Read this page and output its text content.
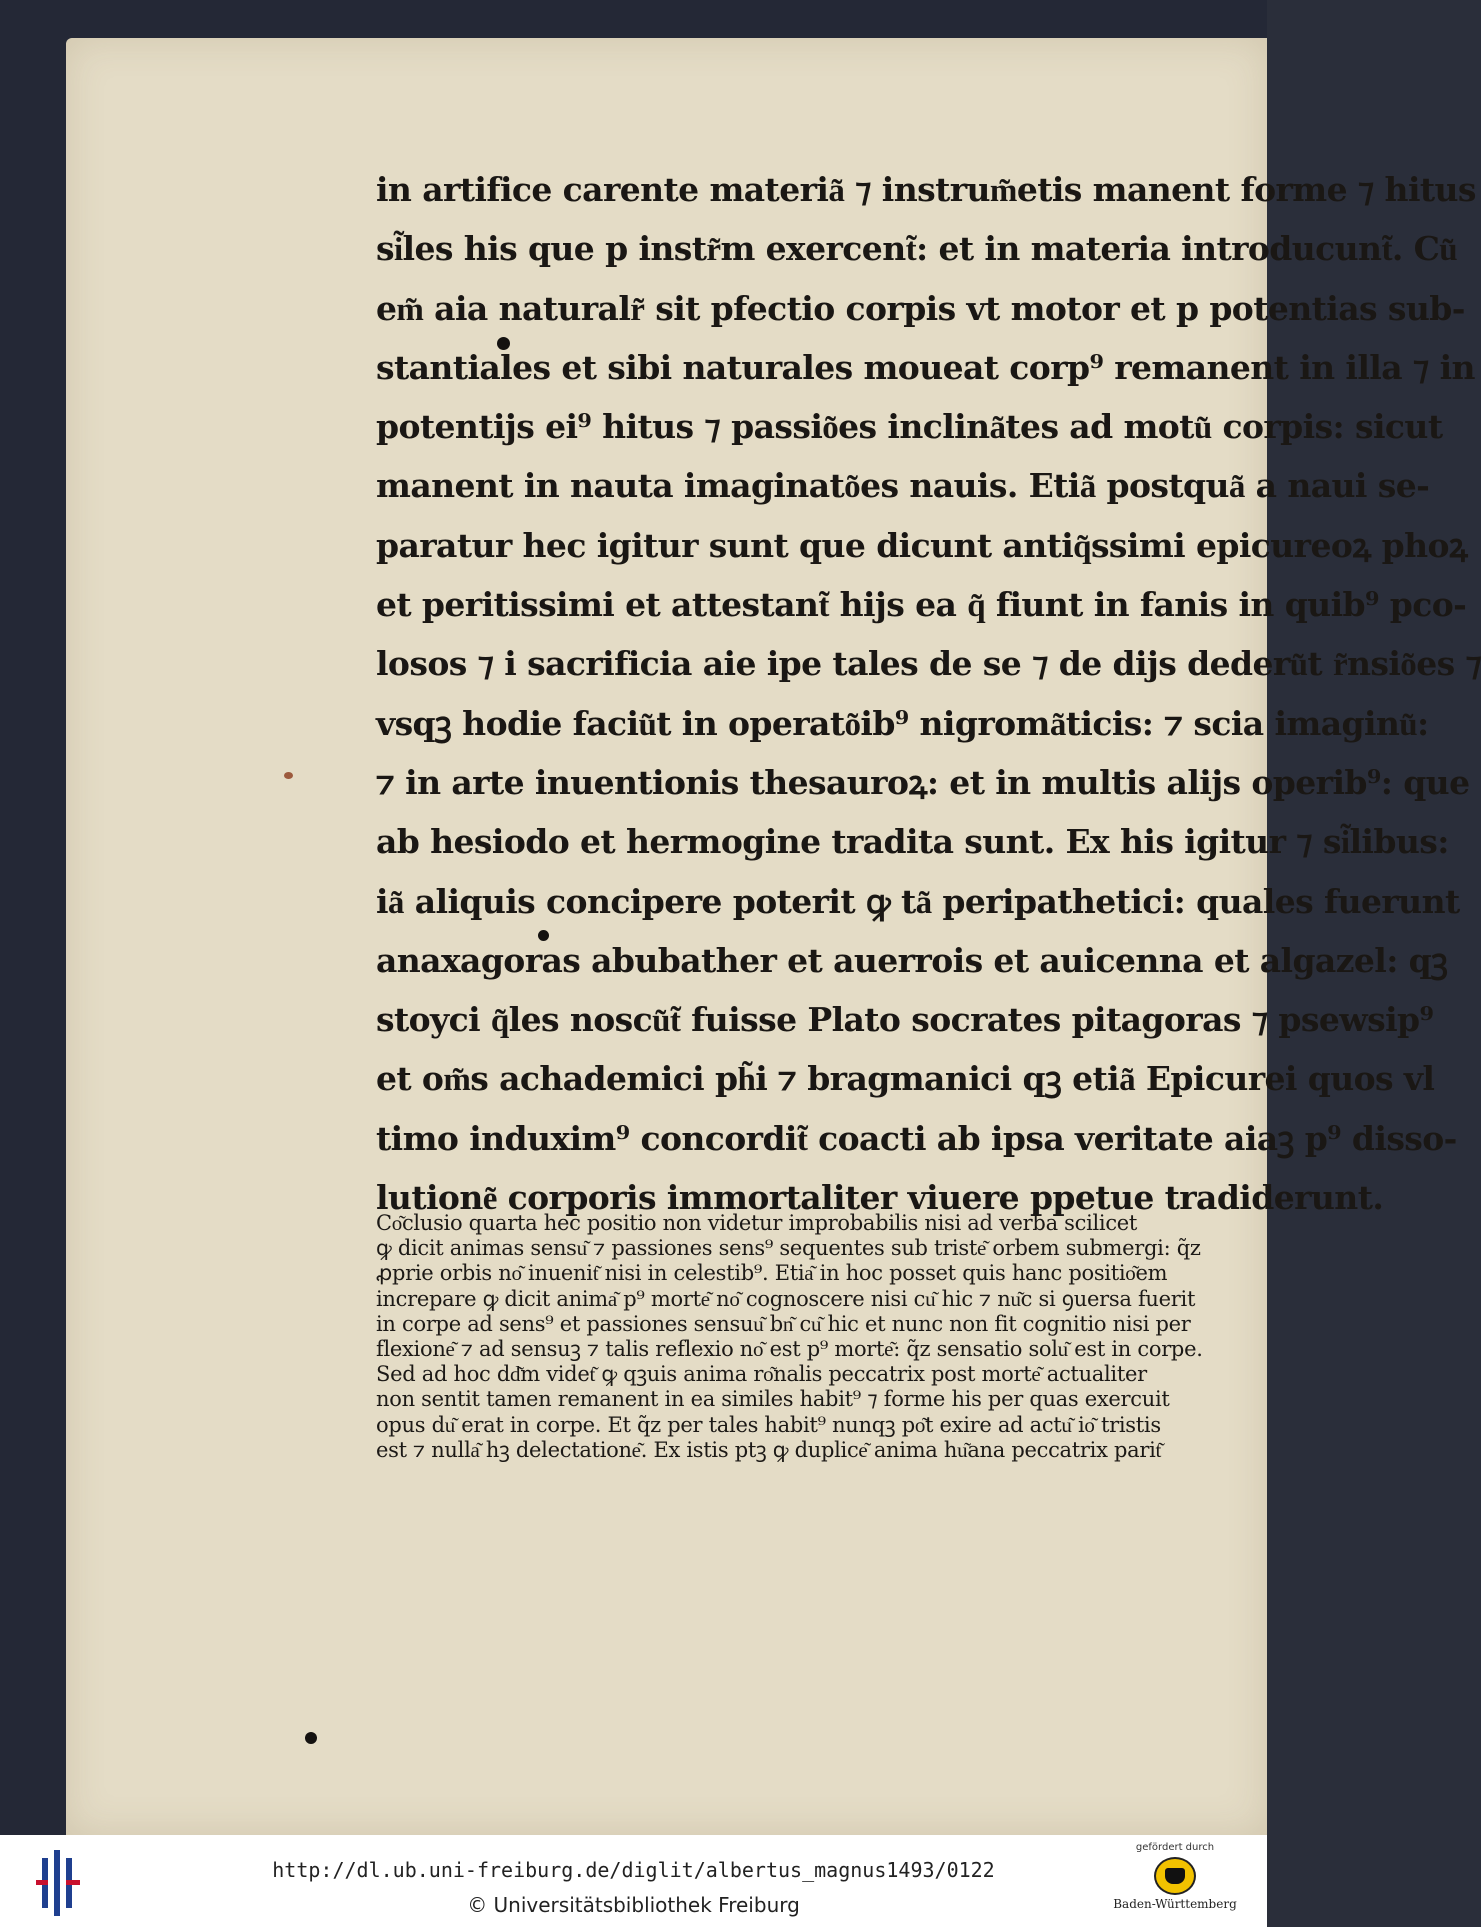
in artifice carente materia͂ ⁊ instrum͂etis manent forme ⁊ hitus
si͂les his que p instr͂m exercent͂: et in materia introducunt͂. Cu͂
em͂ aia naturalr͂ sit pfectio corpis vt motor et p potentias sub-
stantiales et sibi naturales moueat corp⁹ remanent in illa ⁊ in
potentijs ei⁹ hitus ⁊ passio͂es inclina͂tes ad motu͂ corpis: sicut
manent in nauta imaginato͂es nauis. Etia͂ postqua͂ a naui se-
paratur hec igitur sunt que dicunt antiq͂ssimi epicureoꝝ phoꝝ
et peritissimi et attestant͂ hijs ea q͂ fiunt in fanis in quib⁹ pco-
losos ⁊ i sacrificia aie ipe tales de se ⁊ de dijs dederu͂t r͂nsio͂es ⁊
vsqꝫ hodie faciu͂t in operato͂ib⁹ nigroma͂ticis: ⁊ scia imaginu͂:
⁊ in arte inuentionis thesauroꝝ: et in multis alijs operib⁹: que
ab hesiodo et hermogine tradita sunt. Ex his igitur ⁊ si͂libus:
ia͂ aliquis concipere poterit ꝙ ta͂ peripathetici: quales fuerunt
anaxagoras abubather et auerrois et auicenna et algazel: qꝫ
stoyci q͂les noscu͂t͂ fuisse Plato socrates pitagoras ⁊ psewsip⁹
et om͂s achademici ph͂i ⁊ bragmanici qꝫ etia͂ Epicurei quos vl
timo induxim⁹ concordit͂ coacti ab ipsa veritate aiaꝫ p⁹ disso-
lutione͂ corporis immortaliter viuere ppetue tradiderunt.
Co͂clusio quarta hec positio non videtur improbabilis nisi ad verba scilicet
ꝙ dicit animas sensu͂ ⁊ passiones sens⁹ sequentes sub triste͂ orbem submergi: q̃z
ꝓprie orbis no͂ inuenit͂ nisi in celestib⁹. Etia͂ in hoc posset quis hanc positio͂em
increpare ꝙ dicit anima͂ p⁹ morte͂ no͂ cognoscere nisi cu͂ hic ⁊ nu͂c si ꝯuersa fuerit
in corpe ad sens⁹ et passiones sensuu͂ bn͂ cu͂ hic et nunc non fit cognitio nisi per
flexione͂ ⁊ ad sensuꝫ ⁊ talis reflexio no͂ est p⁹ morte͂: q̃z sensatio solu͂ est in corpe.
Sed ad hoc dd͂m videt͂ ꝙ qꝫuis anima ro͂nalis peccatrix post morte͂ actualiter
non sentit tamen remanent in ea similes habit⁹ ⁊ forme his per quas exercuit
opus du͂ erat in corpe. Et q̃z per tales habit⁹ nunqꝫ po͂t exire ad actu͂ io͂ tristis
est ⁊ nulla͂ hꝫ delectatione͂. Ex istis ptꝫ ꝙ duplice͂ anima hu͂ana peccatrix parit͂
http://dl.ub.uni-freiburg.de/diglit/albertus_magnus1493/0122
© Universitätsbibliothek Freiburg
gefördert durch
Baden-Württemberg
